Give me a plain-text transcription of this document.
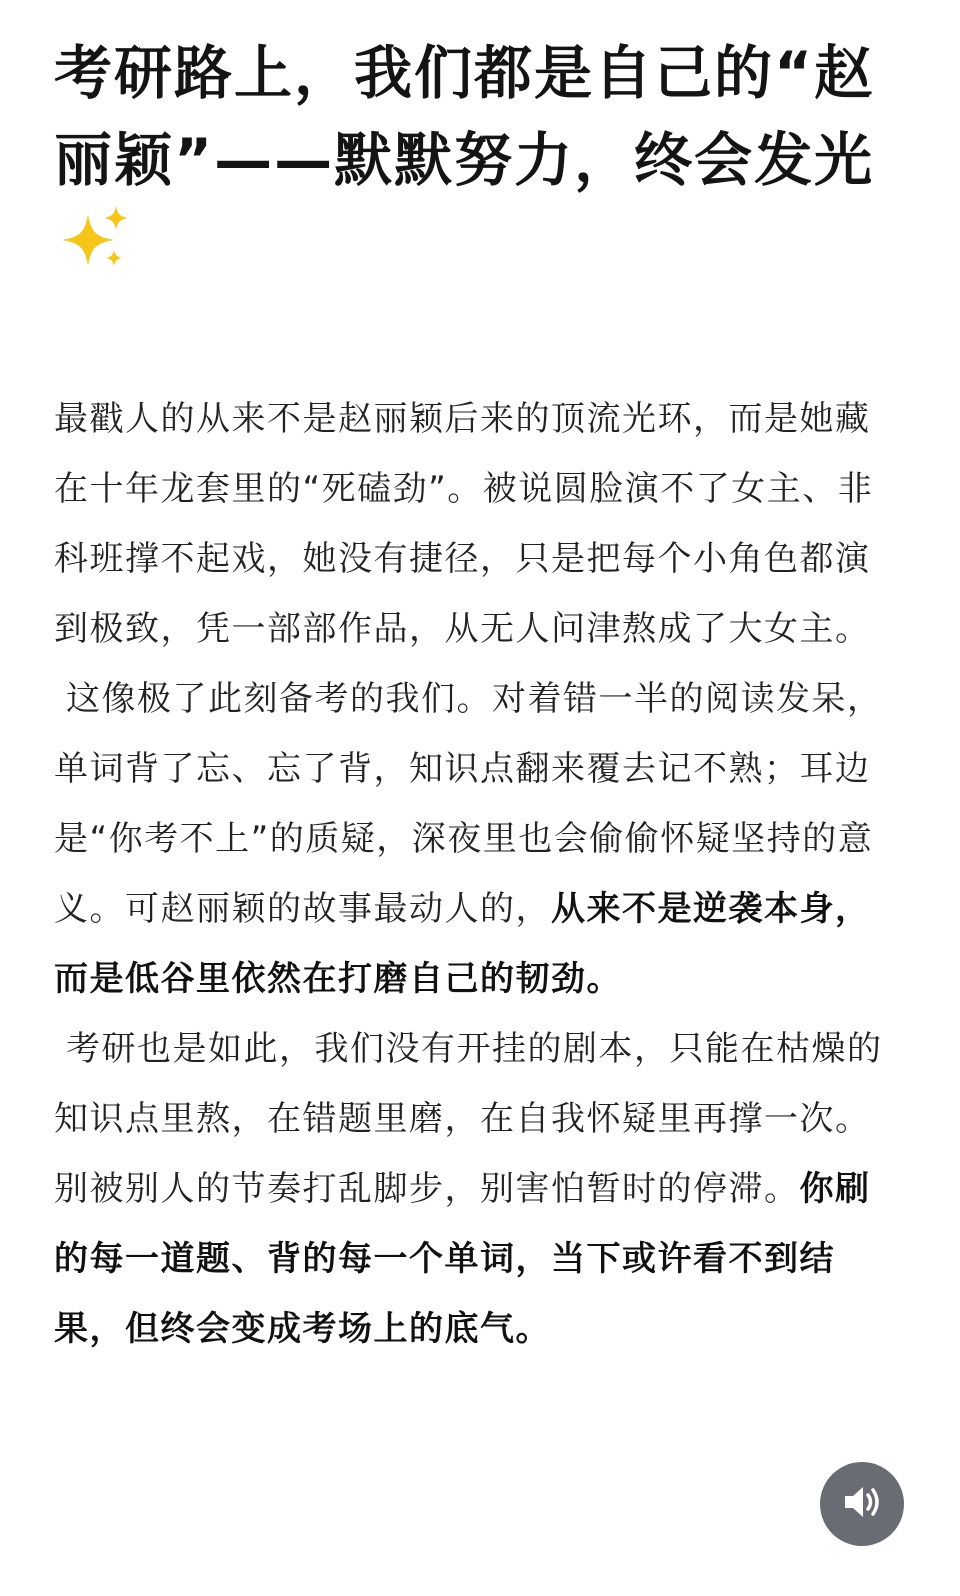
考研路上，我们都是自己的“赵丽颖”——默默努力，终会发光

最戳人的从来不是赵丽颖后来的顶流光环，而是她藏在十年龙套里的“死磕劲”。被说圆脸演不了女主、非科班撑不起戏，她没有捷径，只是把每个小角色都演到极致，凭一部部作品，从无人问津熬成了大女主。

这像极了此刻备考的我们。对着错一半的阅读发呆，单词背了忘、忘了背，知识点翻来覆去记不熟；耳边是“你考不上”的质疑，深夜里也会偷偷怀疑坚持的意义。可赵丽颖的故事最动人的，从来不是逆袭本身，而是低谷里依然在打磨自己的韧劲。

考研也是如此，我们没有开挂的剧本，只能在枯燥的知识点里熬，在错题里磨，在自我怀疑里再撑一次。别被别人的节奏打乱脚步，别害怕暂时的停滞。你刷的每一道题、背的每一个单词，当下或许看不到结果，但终会变成考场上的底气。
